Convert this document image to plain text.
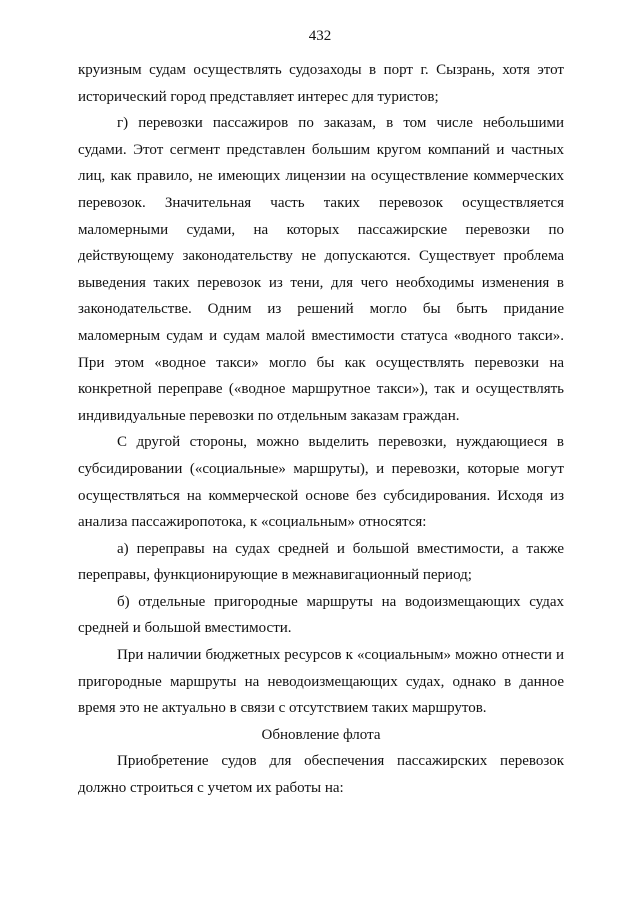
432

круизным судам осуществлять судозаходы в порт г. Сызрань, хотя этот
исторический город представляет интерес для туристов;

г) перевозки пассажиров по заказам, в том числе небольшими
судами. Этот сегмент представлен большим кругом компаний и частных
лиц, как правило, не имеющих лицензии на осуществление коммерческих
перевозок. Значительная часть таких перевозок осуществляется
маломерными судами, на которых пассажирские перевозки по
действующему законодательству не допускаются. Существует проблема
выведения таких перевозок из тени, для чего необходимы изменения в
законодательстве. Одним из решений могло бы быть придание
маломерным судам и судам малой вместимости статуса «водного такси».
При этом «водное такси» могло бы как осуществлять перевозки на
конкретной переправе («водное маршрутное такси»), так и осуществлять
индивидуальные перевозки по отдельным заказам граждан.

С другой стороны, можно выделить перевозки, нуждающиеся в
субсидировании («социальные» маршруты), и перевозки, которые могут
осуществляться на коммерческой основе без субсидирования. Исходя из
анализа пассажиропотока, к «социальным» относятся:

а) переправы на судах средней и большой вместимости, а также
переправы, функционирующие в межнавигационный период;

б) отдельные пригородные маршруты на водоизмещающих судах
средней и большой вместимости.

При наличии бюджетных ресурсов к «социальным» можно отнести и
пригородные маршруты на неводоизмещающих судах, однако в данное
время это не актуально в связи с отсутствием таких маршрутов.

Обновление флота

Приобретение судов для обеспечения пассажирских перевозок
должно строиться с учетом их работы на:
